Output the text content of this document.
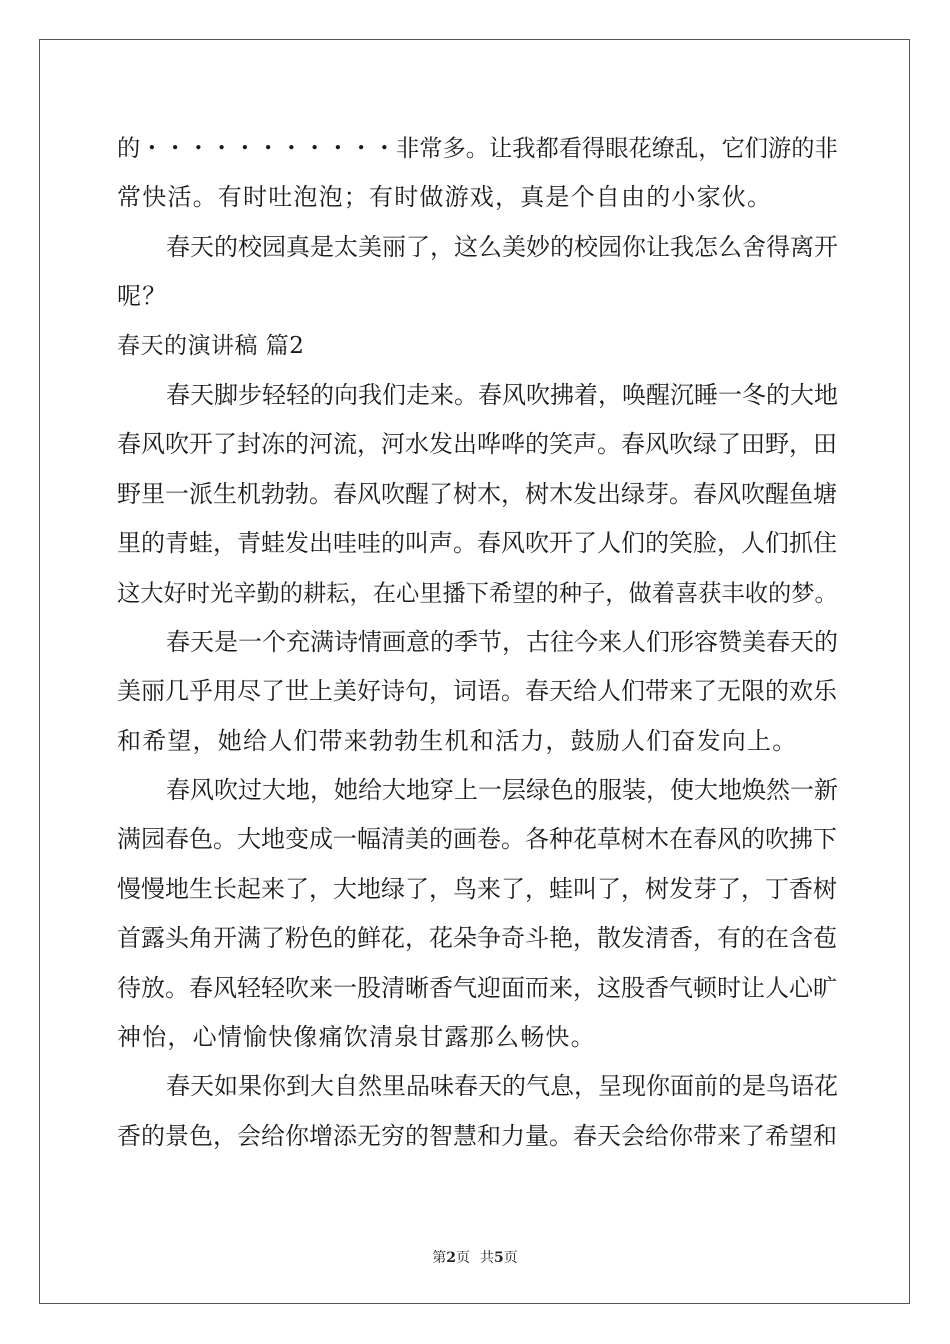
的・・・・・・・・・・・非常多。让我都看得眼花缭乱，它们游的非
常快活。有时吐泡泡；有时做游戏，真是个自由的小家伙。
春天的校园真是太美丽了，这么美妙的校园你让我怎么舍得离开
呢？
春天的演讲稿 篇2
春天脚步轻轻的向我们走来。春风吹拂着，唤醒沉睡一冬的大地
春风吹开了封冻的河流，河水发出哗哗的笑声。春风吹绿了田野，田
野里一派生机勃勃。春风吹醒了树木，树木发出绿芽。春风吹醒鱼塘
里的青蛙，青蛙发出哇哇的叫声。春风吹开了人们的笑脸，人们抓住
这大好时光辛勤的耕耘，在心里播下希望的种子，做着喜获丰收的梦。
春天是一个充满诗情画意的季节，古往今来人们形容赞美春天的
美丽几乎用尽了世上美好诗句，词语。春天给人们带来了无限的欢乐
和希望，她给人们带来勃勃生机和活力，鼓励人们奋发向上。
春风吹过大地，她给大地穿上一层绿色的服装，使大地焕然一新
满园春色。大地变成一幅清美的画卷。各种花草树木在春风的吹拂下
慢慢地生长起来了，大地绿了，鸟来了，蛙叫了，树发芽了，丁香树
首露头角开满了粉色的鲜花，花朵争奇斗艳，散发清香，有的在含苞
待放。春风轻轻吹来一股清晰香气迎面而来，这股香气顿时让人心旷
神怡，心情愉快像痛饮清泉甘露那么畅快。
春天如果你到大自然里品味春天的气息，呈现你面前的是鸟语花
香的景色，会给你增添无穷的智慧和力量。春天会给你带来了希望和
第2页 共5页
